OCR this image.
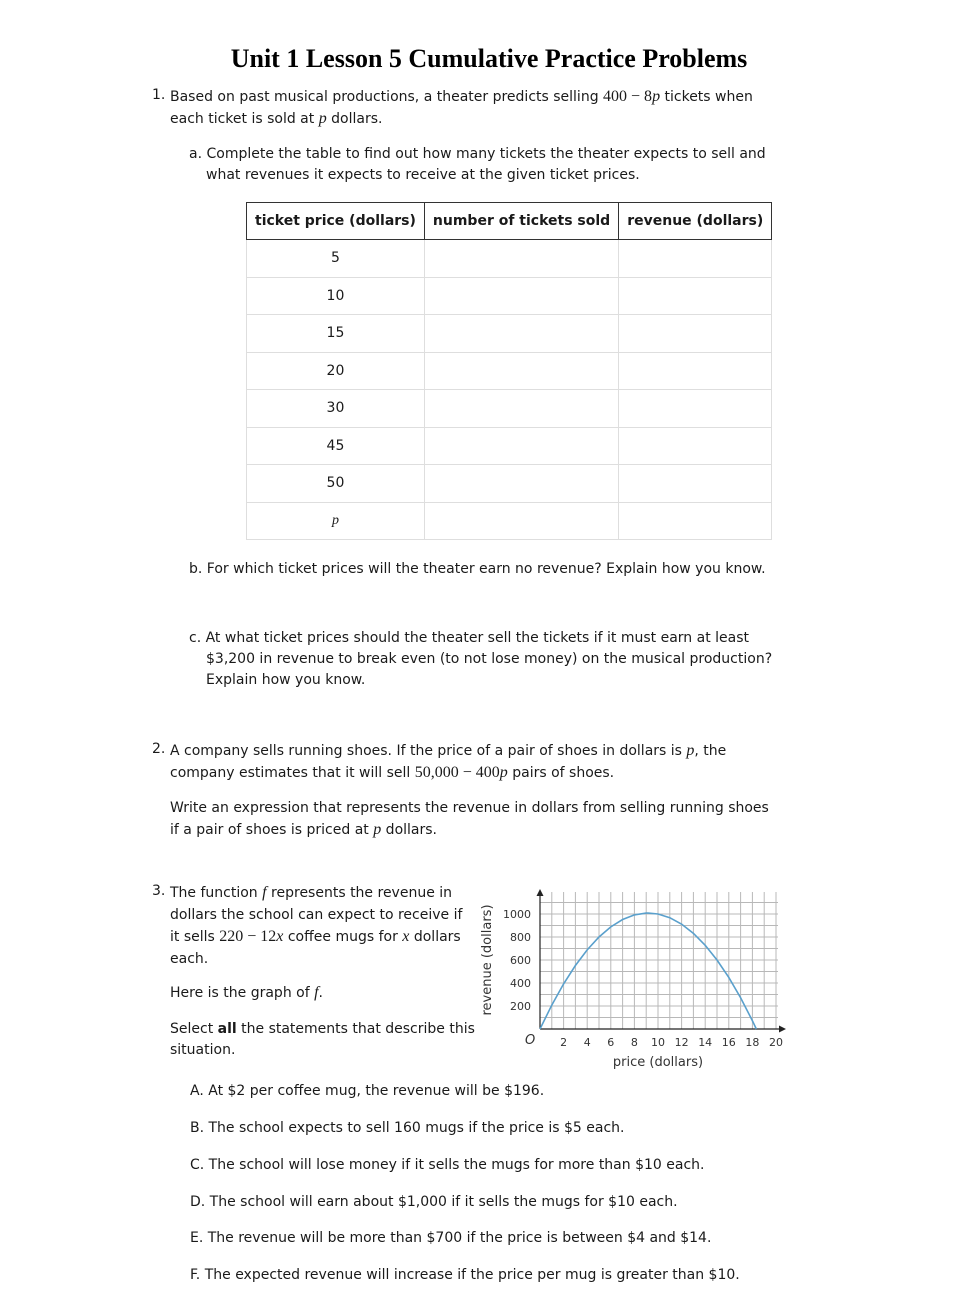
Unit 1 Lesson 5 Cumulative Practice Problems
1. Based on past musical productions, a theater predicts selling 400 − 8p tickets when
each ticket is sold at p dollars.
a. Complete the table to find out how many tickets the theater expects to sell and
what revenues it expects to receive at the given ticket prices.
ticket price (dollars)	number of tickets sold	revenue (dollars)
5		
10		
15		
20		
30		
45		
50		
p		
b. For which ticket prices will the theater earn no revenue? Explain how you know.
c. At what ticket prices should the theater sell the tickets if it must earn at least
$3,200 in revenue to break even (to not lose money) on the musical production?
Explain how you know.
2. A company sells running shoes. If the price of a pair of shoes in dollars is p, the
company estimates that it will sell 50,000 − 400p pairs of shoes.
Write an expression that represents the revenue in dollars from selling running shoes
if a pair of shoes is priced at p dollars.
3. The function f represents the revenue in
dollars the school can expect to receive if
it sells 220 − 12x coffee mugs for x dollars
each.
Here is the graph of f.
Select all the statements that describe this
situation.	2 4 6 8 10 12 14 16 18 20
200
400
600
800
1000
O
price (dollars)
revenue (dollars)
A. At $2 per coffee mug, the revenue will be $196.
B. The school expects to sell 160 mugs if the price is $5 each.
C. The school will lose money if it sells the mugs for more than $10 each.
D. The school will earn about $1,000 if it sells the mugs for $10 each.
E. The revenue will be more than $700 if the price is between $4 and $14.
F. The expected revenue will increase if the price per mug is greater than $10.
